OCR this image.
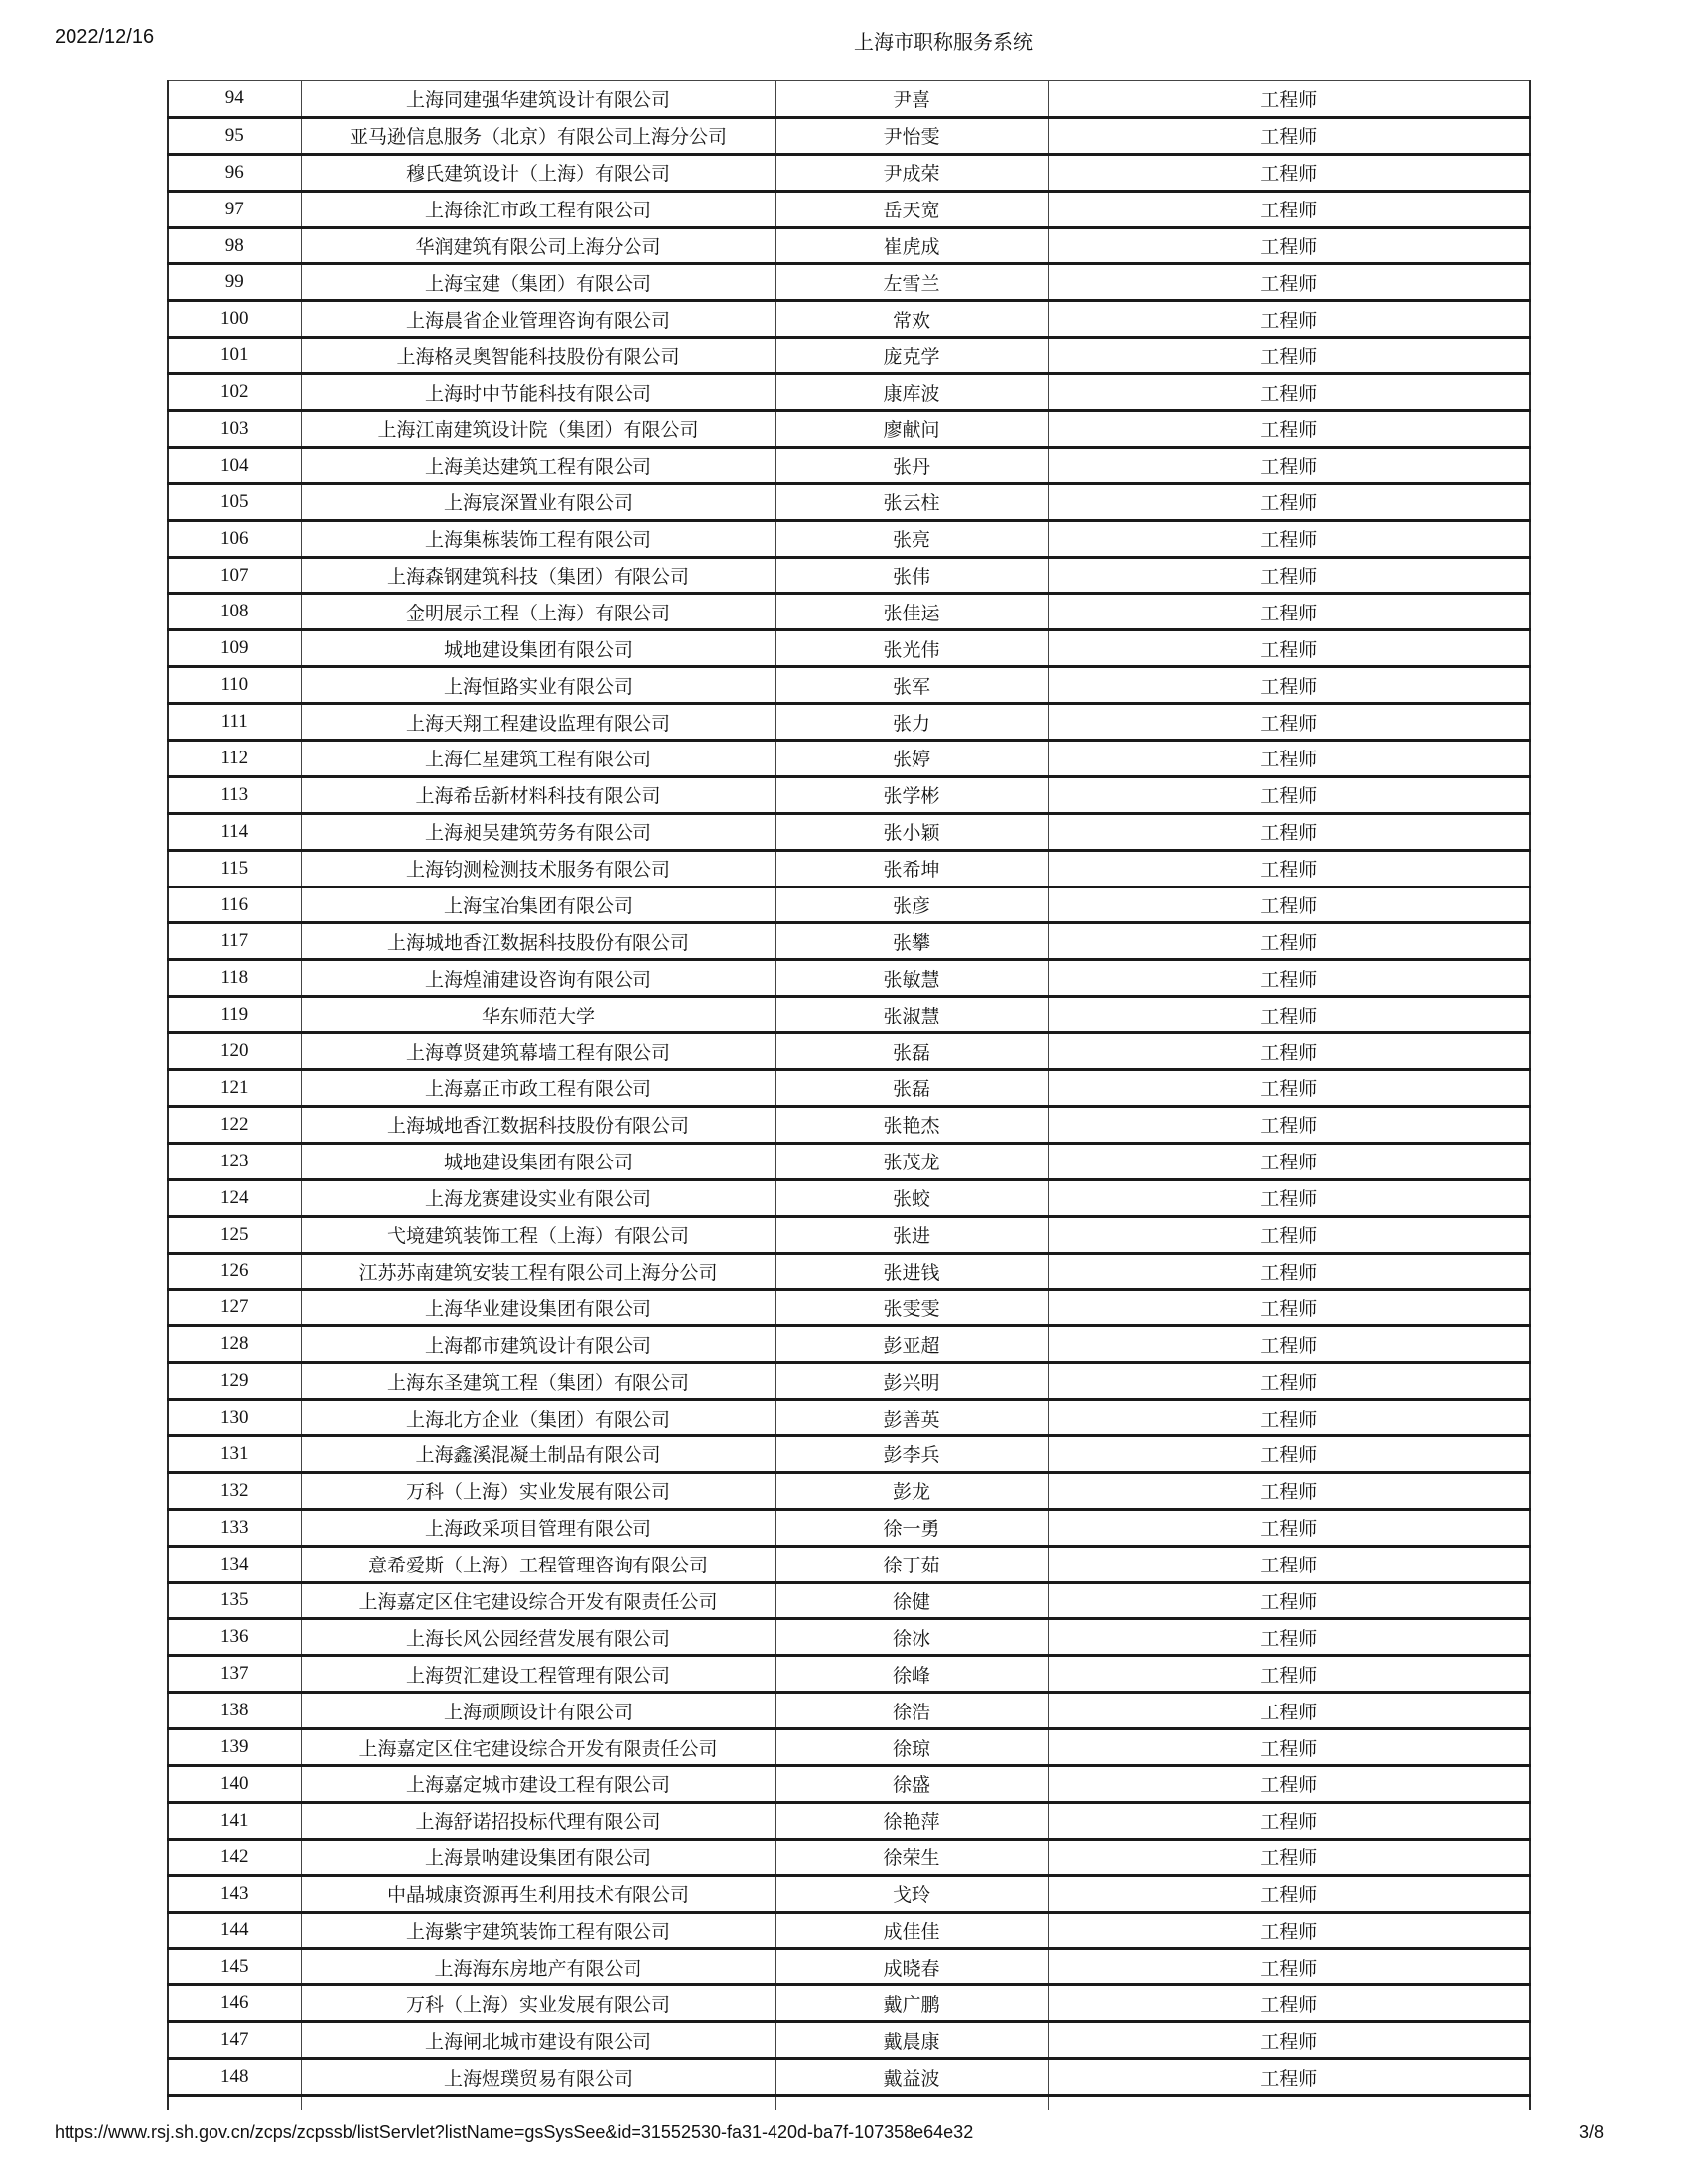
2022/12/16	上海市职称服务系统
94	上海同建强华建筑设计有限公司	尹喜	工程师
95	亚马逊信息服务（北京）有限公司上海分公司	尹怡雯	工程师
96	穆氏建筑设计（上海）有限公司	尹成荣	工程师
97	上海徐汇市政工程有限公司	岳天宽	工程师
98	华润建筑有限公司上海分公司	崔虎成	工程师
99	上海宝建（集团）有限公司	左雪兰	工程师
100	上海晨省企业管理咨询有限公司	常欢	工程师
101	上海格灵奥智能科技股份有限公司	庞克学	工程师
102	上海时中节能科技有限公司	康库波	工程师
103	上海江南建筑设计院（集团）有限公司	廖献问	工程师
104	上海美达建筑工程有限公司	张丹	工程师
105	上海宸深置业有限公司	张云柱	工程师
106	上海集栋装饰工程有限公司	张亮	工程师
107	上海森钢建筑科技（集团）有限公司	张伟	工程师
108	金明展示工程（上海）有限公司	张佳运	工程师
109	城地建设集团有限公司	张光伟	工程师
110	上海恒路实业有限公司	张军	工程师
111	上海天翔工程建设监理有限公司	张力	工程师
112	上海仁星建筑工程有限公司	张婷	工程师
113	上海希岳新材料科技有限公司	张学彬	工程师
114	上海昶吴建筑劳务有限公司	张小颖	工程师
115	上海钧测检测技术服务有限公司	张希坤	工程师
116	上海宝冶集团有限公司	张彦	工程师
117	上海城地香江数据科技股份有限公司	张攀	工程师
118	上海煌浦建设咨询有限公司	张敏慧	工程师
119	华东师范大学	张淑慧	工程师
120	上海尊贤建筑幕墙工程有限公司	张磊	工程师
121	上海嘉正市政工程有限公司	张磊	工程师
122	上海城地香江数据科技股份有限公司	张艳杰	工程师
123	城地建设集团有限公司	张茂龙	工程师
124	上海龙赛建设实业有限公司	张蛟	工程师
125	弋境建筑装饰工程（上海）有限公司	张进	工程师
126	江苏苏南建筑安装工程有限公司上海分公司	张进钱	工程师
127	上海华业建设集团有限公司	张雯雯	工程师
128	上海都市建筑设计有限公司	彭亚超	工程师
129	上海东圣建筑工程（集团）有限公司	彭兴明	工程师
130	上海北方企业（集团）有限公司	彭善英	工程师
131	上海鑫溪混凝土制品有限公司	彭李兵	工程师
132	万科（上海）实业发展有限公司	彭龙	工程师
133	上海政采项目管理有限公司	徐一勇	工程师
134	意希爱斯（上海）工程管理咨询有限公司	徐丁茹	工程师
135	上海嘉定区住宅建设综合开发有限责任公司	徐健	工程师
136	上海长风公园经营发展有限公司	徐冰	工程师
137	上海贺汇建设工程管理有限公司	徐峰	工程师
138	上海顽顾设计有限公司	徐浩	工程师
139	上海嘉定区住宅建设综合开发有限责任公司	徐琼	工程师
140	上海嘉定城市建设工程有限公司	徐盛	工程师
141	上海舒诺招投标代理有限公司	徐艳萍	工程师
142	上海景呐建设集团有限公司	徐荣生	工程师
143	中晶城康资源再生利用技术有限公司	戈玲	工程师
144	上海紫宇建筑装饰工程有限公司	成佳佳	工程师
145	上海海东房地产有限公司	成晓春	工程师
146	万科（上海）实业发展有限公司	戴广鹏	工程师
147	上海闸北城市建设有限公司	戴晨康	工程师
148	上海煜璞贸易有限公司	戴益波	工程师

https://www.rsj.sh.gov.cn/zcps/zcpssb/listServlet?listName=gsSysSee&id=31552530-fa31-420d-ba7f-107358e64e32	3/8
